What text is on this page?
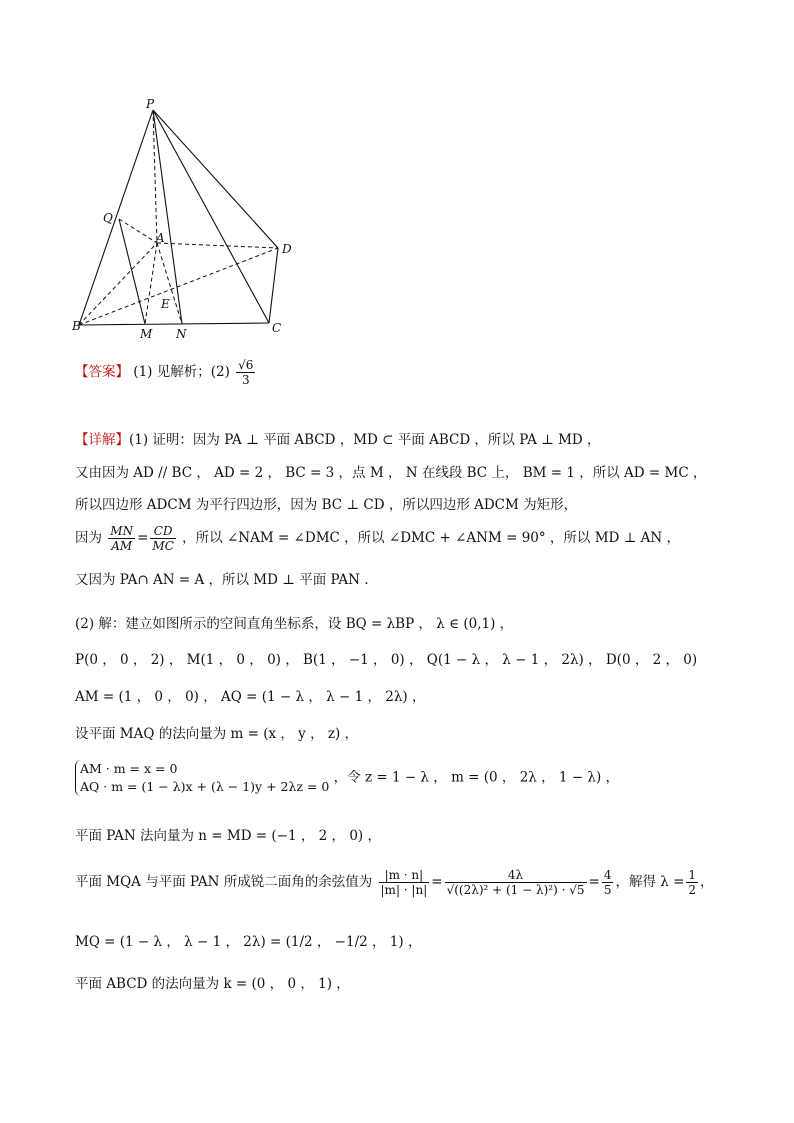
P
Q
A
D
E
B
M N	C
【答案】 (1) 见解析；$(2) \frac{√6}{3}$
【详解】(1) 证明：因为 PA ⊥ 平面 ABCD ，MD ⊂ 平面 ABCD ，所以 PA ⊥ MD ，
又由因为 AD // BC ， AD = 2 ， BC = 3 ，点 M ， N 在线段 BC 上， BM = 1 ，所以 AD = MC ，
所以四边形 ADCM 为平行四边形，因为 BC ⊥ CD ，所以四边形 ADCM 为矩形，
因为 $\frac{MN}{AM} = \frac{CD}{MC}$ ，所以 ∠NAM = ∠DMC ，所以 ∠DMC + ∠ANM = 90° ，所以 MD ⊥ AN ，
又因为 PA∩ AN = A ，所以 MD ⊥ 平面 PAN .
(2) 解：建立如图所示的空间直角坐标系，设 BQ = λBP ， λ ∈ (0,1) ，
P(0 ， 0 ， 2) ， M(1 ， 0 ， 0) ， B(1 ， −1 ， 0) ， Q(1 − λ ， λ − 1 ， 2λ) ， D(0 ， 2 ， 0)
AM = (1 ， 0 ， 0) ， AQ = (1 − λ ， λ − 1 ， 2λ) ，
设平面 MAQ 的法向量为 m = (x ， y ， z) ，
AM · m = x = 0
AQ · m = (1 − λ)x + (λ − 1)y + 2λz = 0
，令 z = 1 − λ ， m = (0 ， 2λ ， 1 − λ) ，
平面 PAN 法向量为 n = MD = (−1 ， 2 ， 0) ，
平面 MQA 与平面 PAN 所成锐二面角的余弦值为 $\frac{|m \cdot n|}{|m| \cdot |n|} = \frac{4\lambda}{\text{√((2λ)² + (1 − λ)²) · √5}} = \frac{4}{5}$ ，解得 $\lambda = \frac{1}{2}$ ，
MQ = (1 − λ ， λ − 1 ， 2λ) = (1/2 ， −1/2 ， 1) ，
平面 ABCD 的法向量为 k = (0 ， 0 ， 1) ，
